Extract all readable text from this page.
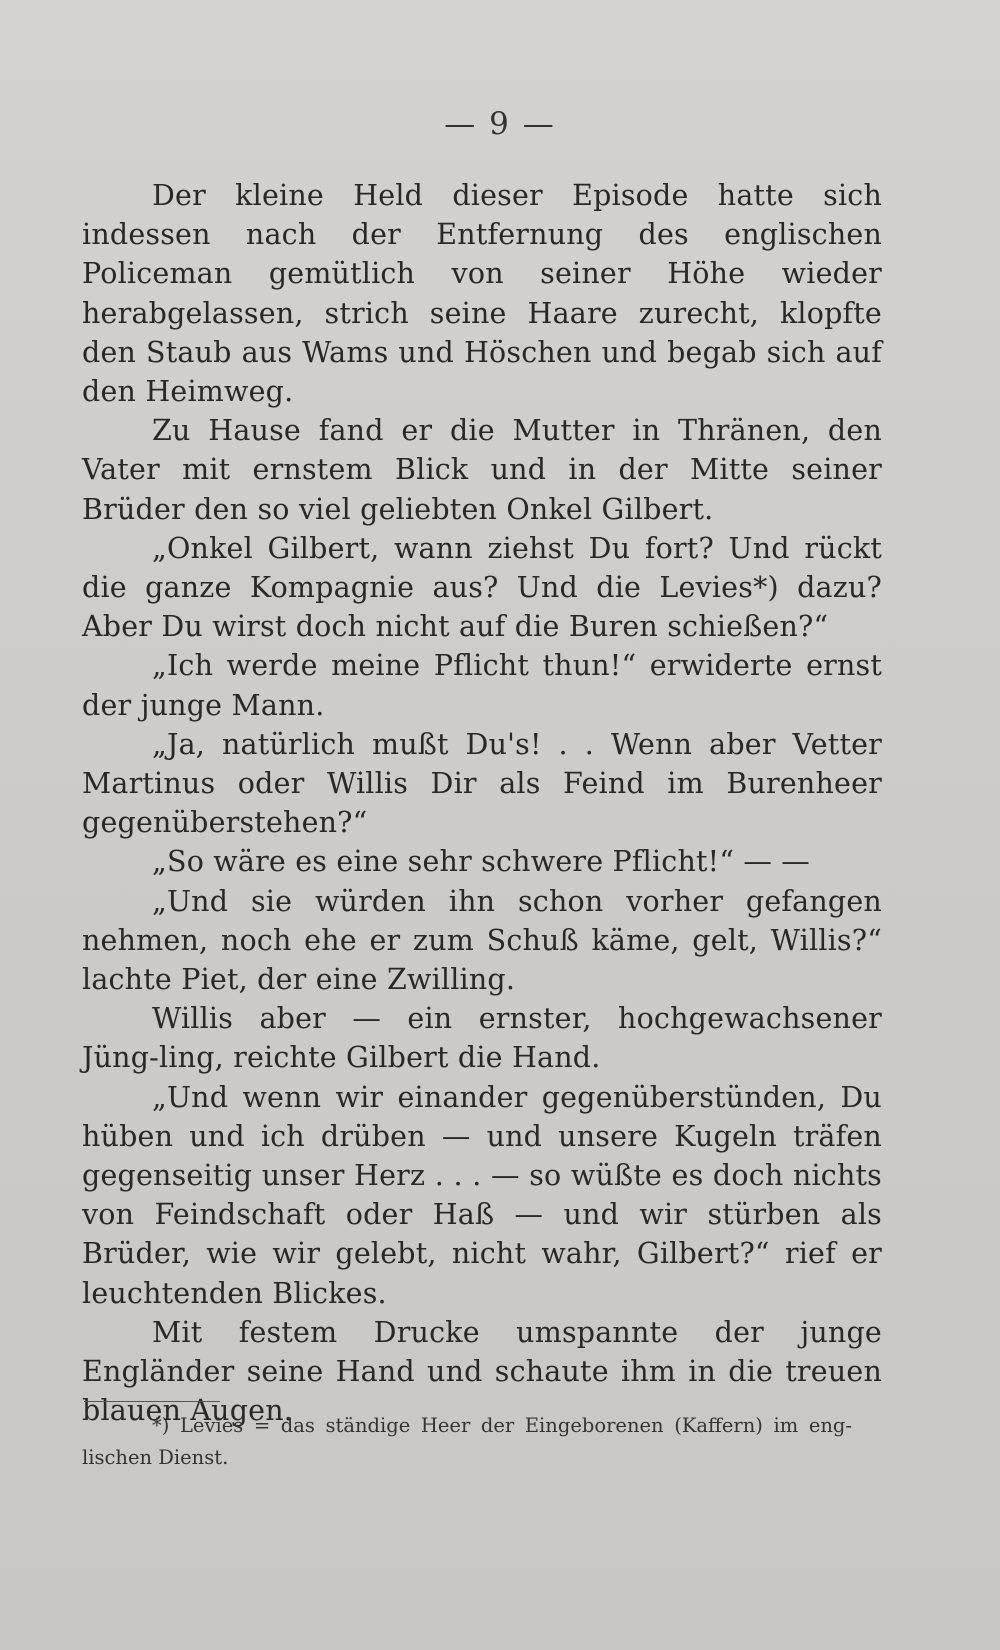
— 9 —

Der kleine Held dieser Episode hatte sich indessen nach der Entfernung des englischen Policeman gemütlich von seiner Höhe wieder herabgelassen, strich seine Haare zurecht, klopfte den Staub aus Wams und Höschen und begab sich auf den Heimweg.

Zu Hause fand er die Mutter in Thränen, den Vater mit ernstem Blick und in der Mitte seiner Brüder den so viel geliebten Onkel Gilbert.

„Onkel Gilbert, wann ziehst Du fort? Und rückt die ganze Kompagnie aus? Und die Levies*) dazu? Aber Du wirst doch nicht auf die Buren schießen?“

„Ich werde meine Pflicht thun!“ erwiderte ernst der junge Mann.

„Ja, natürlich mußt Du's! . . Wenn aber Vetter Martinus oder Willis Dir als Feind im Burenheer gegenüberstehen?“

„So wäre es eine sehr schwere Pflicht!“ — —

„Und sie würden ihn schon vorher gefangen nehmen, noch ehe er zum Schuß käme, gelt, Willis?“ lachte Piet, der eine Zwilling.

Willis aber — ein ernster, hochgewachsener Jüng-ling, reichte Gilbert die Hand.

„Und wenn wir einander gegenüberstünden, Du hüben und ich drüben — und unsere Kugeln träfen gegenseitig unser Herz . . . — so wüßte es doch nichts von Feindschaft oder Haß — und wir stürben als Brüder, wie wir gelebt, nicht wahr, Gilbert?“ rief er leuchtenden Blickes.

Mit festem Drucke umspannte der junge Engländer seine Hand und schaute ihm in die treuen blauen Augen.

*) Levies = das ständige Heer der Eingeborenen (Kaffern) im eng-lischen Dienst.
